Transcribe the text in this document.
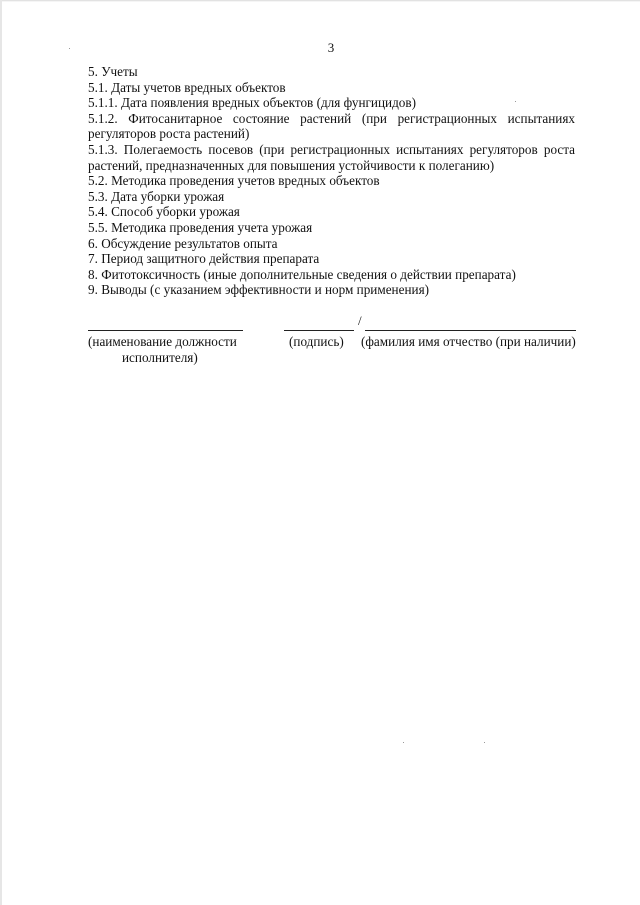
3

5. Учеты

5.1. Даты учетов вредных объектов

5.1.1. Дата появления вредных объектов (для фунгицидов)

5.1.2. Фитосанитарное состояние растений (при регистрационных испытаниях регуляторов роста растений)

5.1.3. Полегаемость посевов (при регистрационных испытаниях регуляторов роста растений, предназначенных для повышения устойчивости к полеганию)

5.2. Методика проведения учетов вредных объектов

5.3. Дата уборки урожая

5.4. Способ уборки урожая

5.5. Методика проведения учета урожая

6. Обсуждение результатов опыта

7. Период защитного действия препарата

8. Фитотоксичность (иные дополнительные сведения о действии препарата)

9. Выводы (с указанием эффективности и норм применения)

/
(наименование должности
исполнителя)
(подпись) (фамилия имя отчество (при наличии)
